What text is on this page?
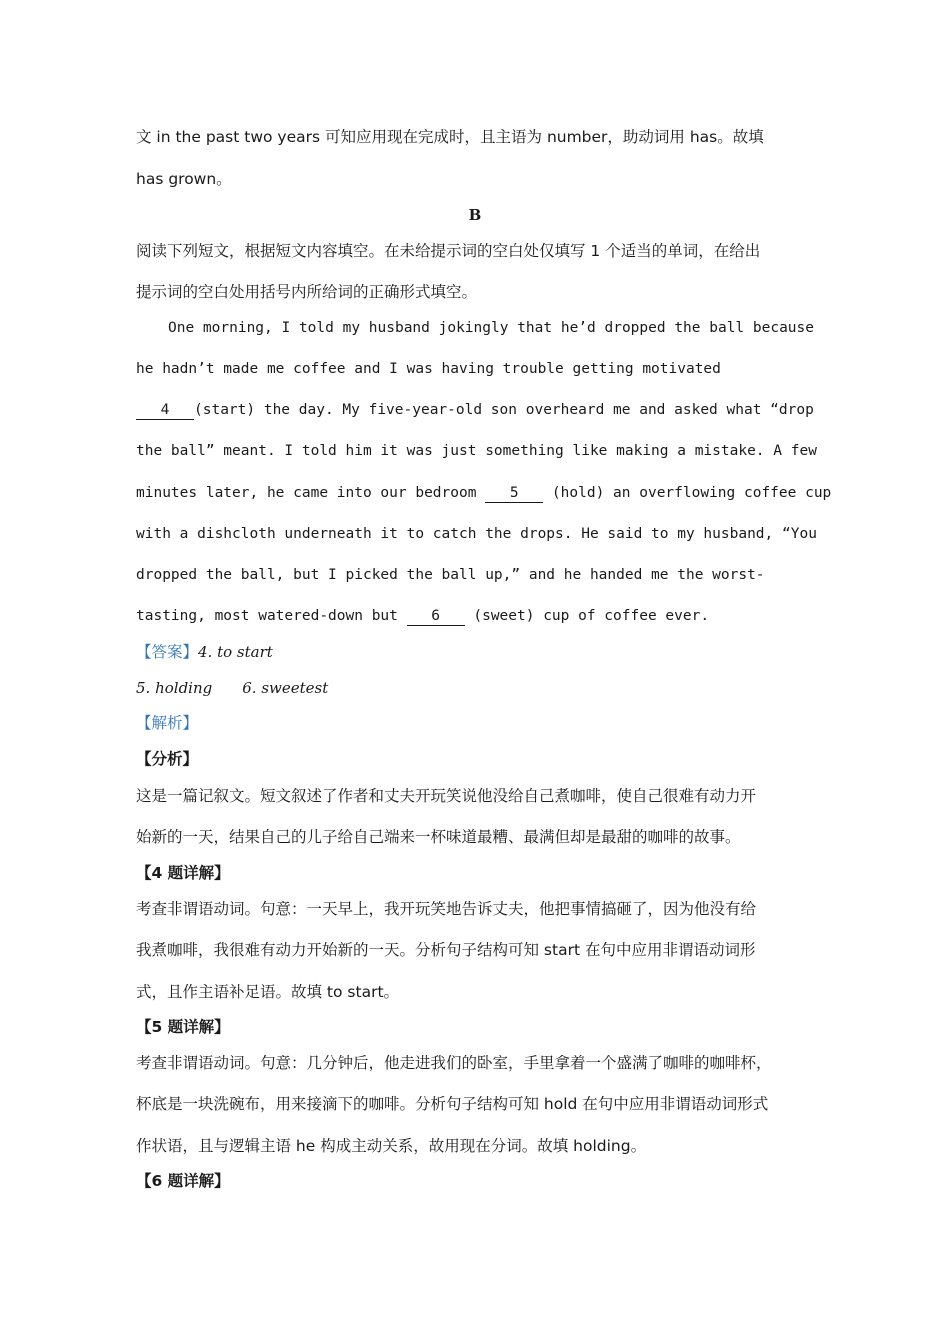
文 in the past two years 可知应用现在完成时，且主语为 number，助动词用 has。故填
has grown。
B
阅读下列短文，根据短文内容填空。在未给提示词的空白处仅填写 1 个适当的单词，在给出
提示词的空白处用括号内所给词的正确形式填空。
One morning, I told my husband jokingly that he’d dropped the ball because
he hadn’t made me coffee and I was having trouble getting motivated
4 (start) the day. My five-year-old son overheard me and asked what “drop
the ball” meant. I told him it was just something like making a mistake. A few
minutes later, he came into our bedroom 5 (hold) an overflowing coffee cup
with a dishcloth underneath it to catch the drops. He said to my husband, “You
dropped the ball, but I picked the ball up,” and he handed me the worst-
tasting, most watered-down but 6 (sweet) cup of coffee ever.
【答案】4. to start
5. holding 6. sweetest
【解析】
【分析】
这是一篇记叙文。短文叙述了作者和丈夫开玩笑说他没给自己煮咖啡，使自己很难有动力开
始新的一天，结果自己的儿子给自己端来一杯味道最糟、最满但却是最甜的咖啡的故事。
【4 题详解】
考查非谓语动词。句意：一天早上，我开玩笑地告诉丈夫，他把事情搞砸了，因为他没有给
我煮咖啡，我很难有动力开始新的一天。分析句子结构可知 start 在句中应用非谓语动词形
式，且作主语补足语。故填 to start。
【5 题详解】
考查非谓语动词。句意：几分钟后，他走进我们的卧室，手里拿着一个盛满了咖啡的咖啡杯，
杯底是一块洗碗布，用来接滴下的咖啡。分析句子结构可知 hold 在句中应用非谓语动词形式
作状语，且与逻辑主语 he 构成主动关系，故用现在分词。故填 holding。
【6 题详解】
